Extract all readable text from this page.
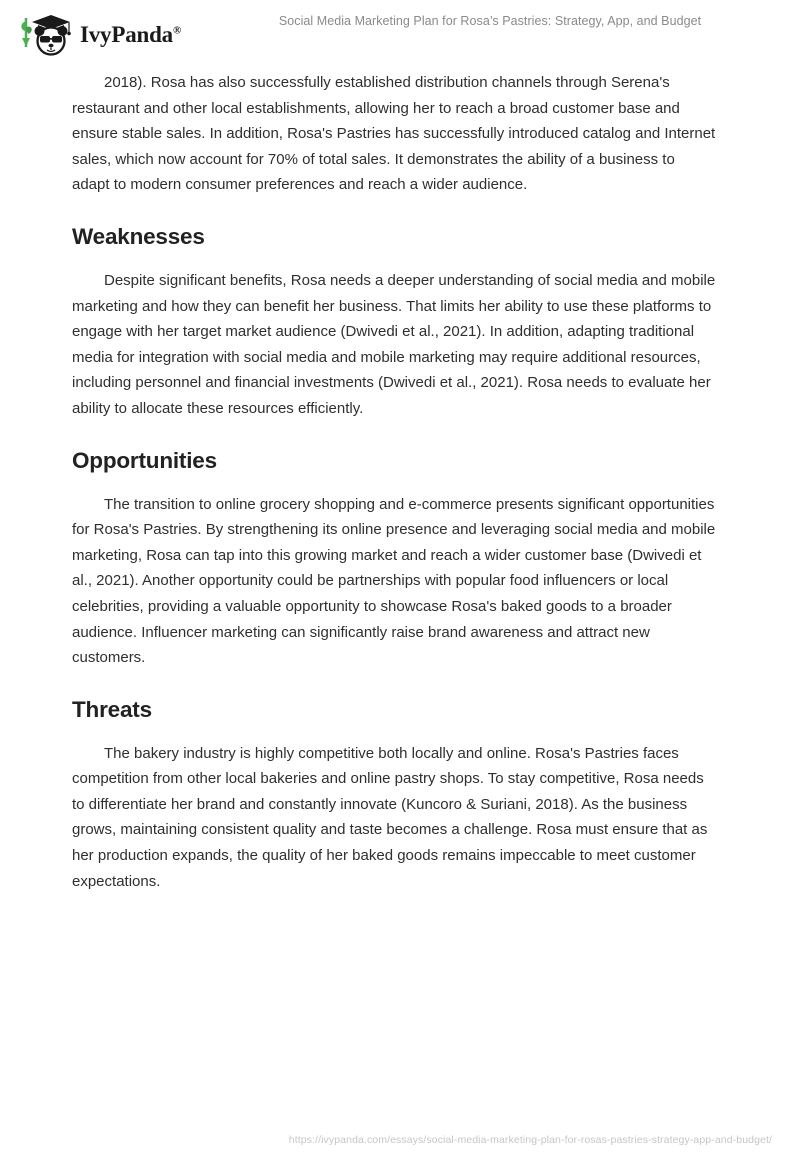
IvyPanda®
Social Media Marketing Plan for Rosa’s Pastries: Strategy, App, and Budget

2018). Rosa has also successfully established distribution channels through Serena's restaurant and other local establishments, allowing her to reach a broad customer base and ensure stable sales. In addition, Rosa's Pastries has successfully introduced catalog and Internet sales, which now account for 70% of total sales. It demonstrates the ability of a business to adapt to modern consumer preferences and reach a wider audience.

Weaknesses

Despite significant benefits, Rosa needs a deeper understanding of social media and mobile marketing and how they can benefit her business. That limits her ability to use these platforms to engage with her target market audience (Dwivedi et al., 2021). In addition, adapting traditional media for integration with social media and mobile marketing may require additional resources, including personnel and financial investments (Dwivedi et al., 2021). Rosa needs to evaluate her ability to allocate these resources efficiently.

Opportunities

The transition to online grocery shopping and e-commerce presents significant opportunities for Rosa's Pastries. By strengthening its online presence and leveraging social media and mobile marketing, Rosa can tap into this growing market and reach a wider customer base (Dwivedi et al., 2021). Another opportunity could be partnerships with popular food influencers or local celebrities, providing a valuable opportunity to showcase Rosa's baked goods to a broader audience. Influencer marketing can significantly raise brand awareness and attract new customers.

Threats

The bakery industry is highly competitive both locally and online. Rosa's Pastries faces competition from other local bakeries and online pastry shops. To stay competitive, Rosa needs to differentiate her brand and constantly innovate (Kuncoro & Suriani, 2018). As the business grows, maintaining consistent quality and taste becomes a challenge. Rosa must ensure that as her production expands, the quality of her baked goods remains impeccable to meet customer expectations.

https://ivypanda.com/essays/social-media-marketing-plan-for-rosas-pastries-strategy-app-and-budget/
